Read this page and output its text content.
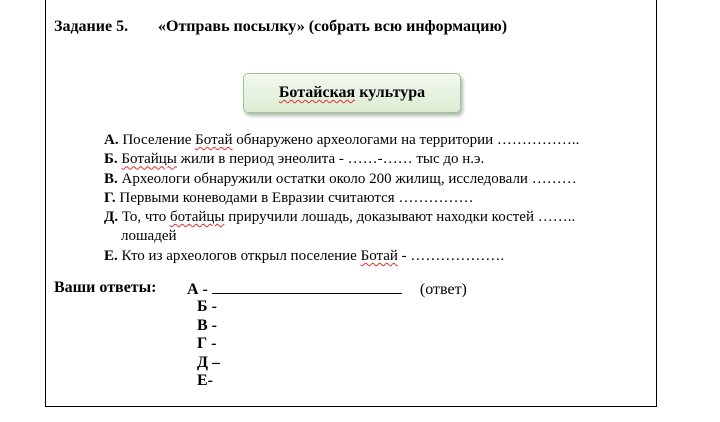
Задание 5. «Отправь посылку» (собрать всю информацию)
Ботайская культура
А. Поселение Ботай обнаружено археологами на территории ……………..
Б. Ботайцы жили в период энеолита - ……-…… тыс до н.э.
В. Археологи обнаружили остатки около 200 жилищ, исследовали ………
Г. Первыми коневодами в Евразии считаются ……………
Д. То, что ботайцы приручили лошадь, доказывают находки костей ……..
лошадей
Е. Кто из археологов открыл поселение Ботай - ……………….
Ваши ответы: А -	(ответ)
Б -
В -
Г -
Д –
Е-
